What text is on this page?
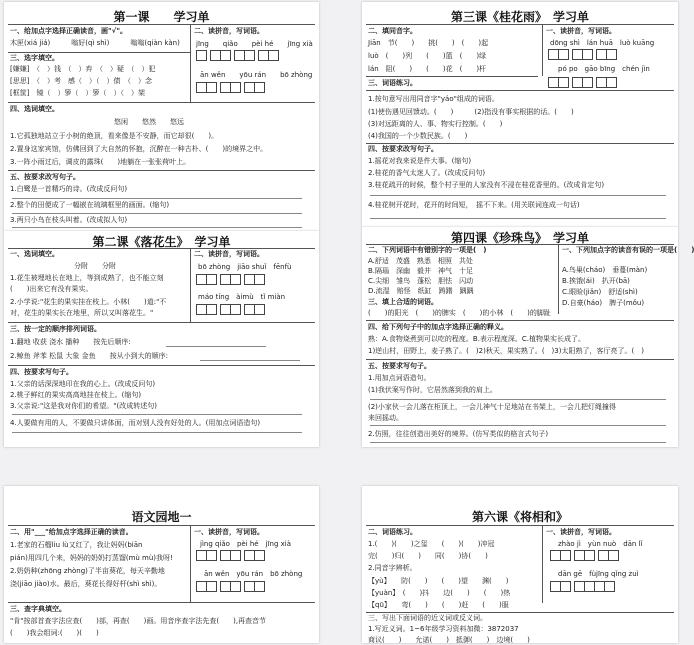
第一课　　学习单
一、给加点字选择正确读音，画"√"。
木匣(xiá jiá)　　　嗡好(qì shì)　　　嗡嗡(qiàn kàn)
三、选字填空。
[嫌嫌]　（　）钱　（　）弃　（　）疑　（　）犯
[思思]　（　）考　感（　）（　）债　（　）念
[框筐]　镜（　）箩（　）箩（　）（　）架
二、读拼音，写词语。
jīng　　qiǎo　　pèi hé　　jīng xià
ān wěn　　yōu rán　　bō zhòng
四、选词填空。
悠闲　　悠然　　悠远
1.它孤独地站立于小树的绝顶，看来像是不安静，而它却很(　　)。
2.置身这家宾馆，仿佛回到了大自然的怀抱，沉醉在一种古朴、(　　)的境界之中。
3.一阵小雨过后，调皮的露珠(　　)地躺在一张张荷叶上。
五、按要求改写句子。
1.白鹭是一首精巧的诗。(改成反问句)
2.整个的田便成了一幅嵌在琉璃框里的画面。(缩句)
3.两只小鸟在枝头叫着。(改成拟人句)
第二课《落花生》　学习单
一、选词填空。
分附　　分附
1.花生被埋地长在地上，等到成熟了，也不能立刻
(　　)出来它有没有果实。
2.小学说:"花生的果实挂在枝上。小林(　　)道:"不
对，花生的果实长在地里，所以又叫落花生。"
二、读拼音，写词语。
bō zhòng　jiāo shuǐ　fēnfù
máo tíng　àimù　tǐ miàn
三、按一定的顺序排列词语。
1.翻地 收获 浇水 播种　　按先后顺序:
2.鲸鱼 斧苯 松鼠 大象 金鱼　　按从小到大的顺序:
四、按要求写句子。
1.父亲的话深深地印在我的心上。(改成反问句)
2.桃子鲜红的果实高高地挂在枝上。(缩句)
3.父亲说:"这是我对你们的希望。"(改成转述句)
4.人要做有用的人，不要做只讲体面，而对别人没有好处的人。(用加点词语造句)
第三课《桂花雨》　学习单
二、填同音字。
Jiān　节(　　)　　挑(　　)　(　　)起
luò　(　　)列　　(　　)篮　(　　)绿
lán　阻(　　)　　(　　)花　(　　)杆
一、读拼音，写词语。
dōng shì　lán huā　luò kuāng
pó po　gāo bīng　chén jìn
三、词语练习。
1.按句意写出用同音字"yáo"组成的词语。
(1)使伤遇见回馈动。(　　)　　　(2)指没有事实根据的话。(　　)
(3)对远距离的人、事、物实行控制。(　　)
(4)我国的一个少数民族。(　　)
四、按要求改写句子。
1.摇花对我来说是件大事。(缩句)
2.桂花的香气太迷人了。(改成反问句)
3.桂花疏开的时候，整个村子里的人家没有不浸在桂花香里的。(改成肯定句)
4.桂花树开花时，花开的时间短，　摇不下来。(用关联词连成一句话)
第四课《珍珠鸟》　学习单
二、下列词语中有错别字的一项是(　)
A.舒适　茂盛　熟悉　相照　共处
B.隔瑙　深幽　毅井　神气　十足
C.尖细　雏鸟　蓬松　胆怯　闪动
D.流湿　赔怪　纸缸　踌躇　踽踽
一、下列加点字的读音有误的一项是(　　)
A.鸟巢(cháo)　垂蔓(màn)
B.挨饿(ái)　扒开(bā)
C.眼睑(jiǎn)　舒适(shì)
D.自豪(háo)　脾子(mǒu)
三、填上合适的词语。
(　　)的阳光　(　　)的脾实　(　　)的小林　(　　)的脚趾
四、给下列句子中的加点字选择正确的释义。
熟：A.食物烧煮到可以吃的程度。B.表示程度深。C.植物果实长成了。
1)逆山村，田野上，麦子熟了。(　)2)秋天，果实熟了。(　)3)太阳熟了，客厅亮了。(　)
五、按要求写句子。
1.用加点词语造句。
(1)我伏案写作时，它居然落到我的肩上。
(2)小家伙一会儿落在柜顶上，一会儿神气十足地站在书架上，一会儿把灯绳撞得
来回摇动。
2.仿照，往往创造出美好的境界。(仿写类似的格言式句子)
语文园地一
二、用"___"给加点字选择正确的读音。
1.老家的石榴liu lù又红了，我让妈妈(biān
pián)用四几个来，妈妈的奶奶打蒸馏(mù mù)我呀!
2.奶奶种(zhōng zhòng)了半亩葵花，每天辛勤地
浇(jiāo jiào)水。最后，葵花长得好杆(shì shì)。
一、读拼音，写词语。
jìng qiǎo　pèi hé　jīng xià
ān wěn　yōu rán　bō zhòng
三、查字典填空。
"肯"按部首查字法应查(　　)部，再查(　　)画。用音序查字法先查(　　),再查音节
(　　)我会组词:(　　)(　　)
第六课《将相和》
二、词语练习。
1.(　　)(　　)之玺　　(　　)(　　)冲冠
完(　　)归(　　)　　同(　　)协(　　)
2.同音字辨析。
【yù】　　防(　　)　　(　　)望　　渊(　　)
【yuàn】　(　　)抖　　边(　　)　　(　　)热
【qū】　　弯(　　)　　(　　)赶　　(　　)服
一、读拼音，写词语。
zhào jì　yùn nuò　dān lǐ
dān gē　fùjīng qǐng zuì
三、写出下面词语的近义词或反义词。
1.写近义词。1~6年级学习资料加微：3872037
商议(　　)　　允诺(　　)　抵御(　　)　边境(　　)
